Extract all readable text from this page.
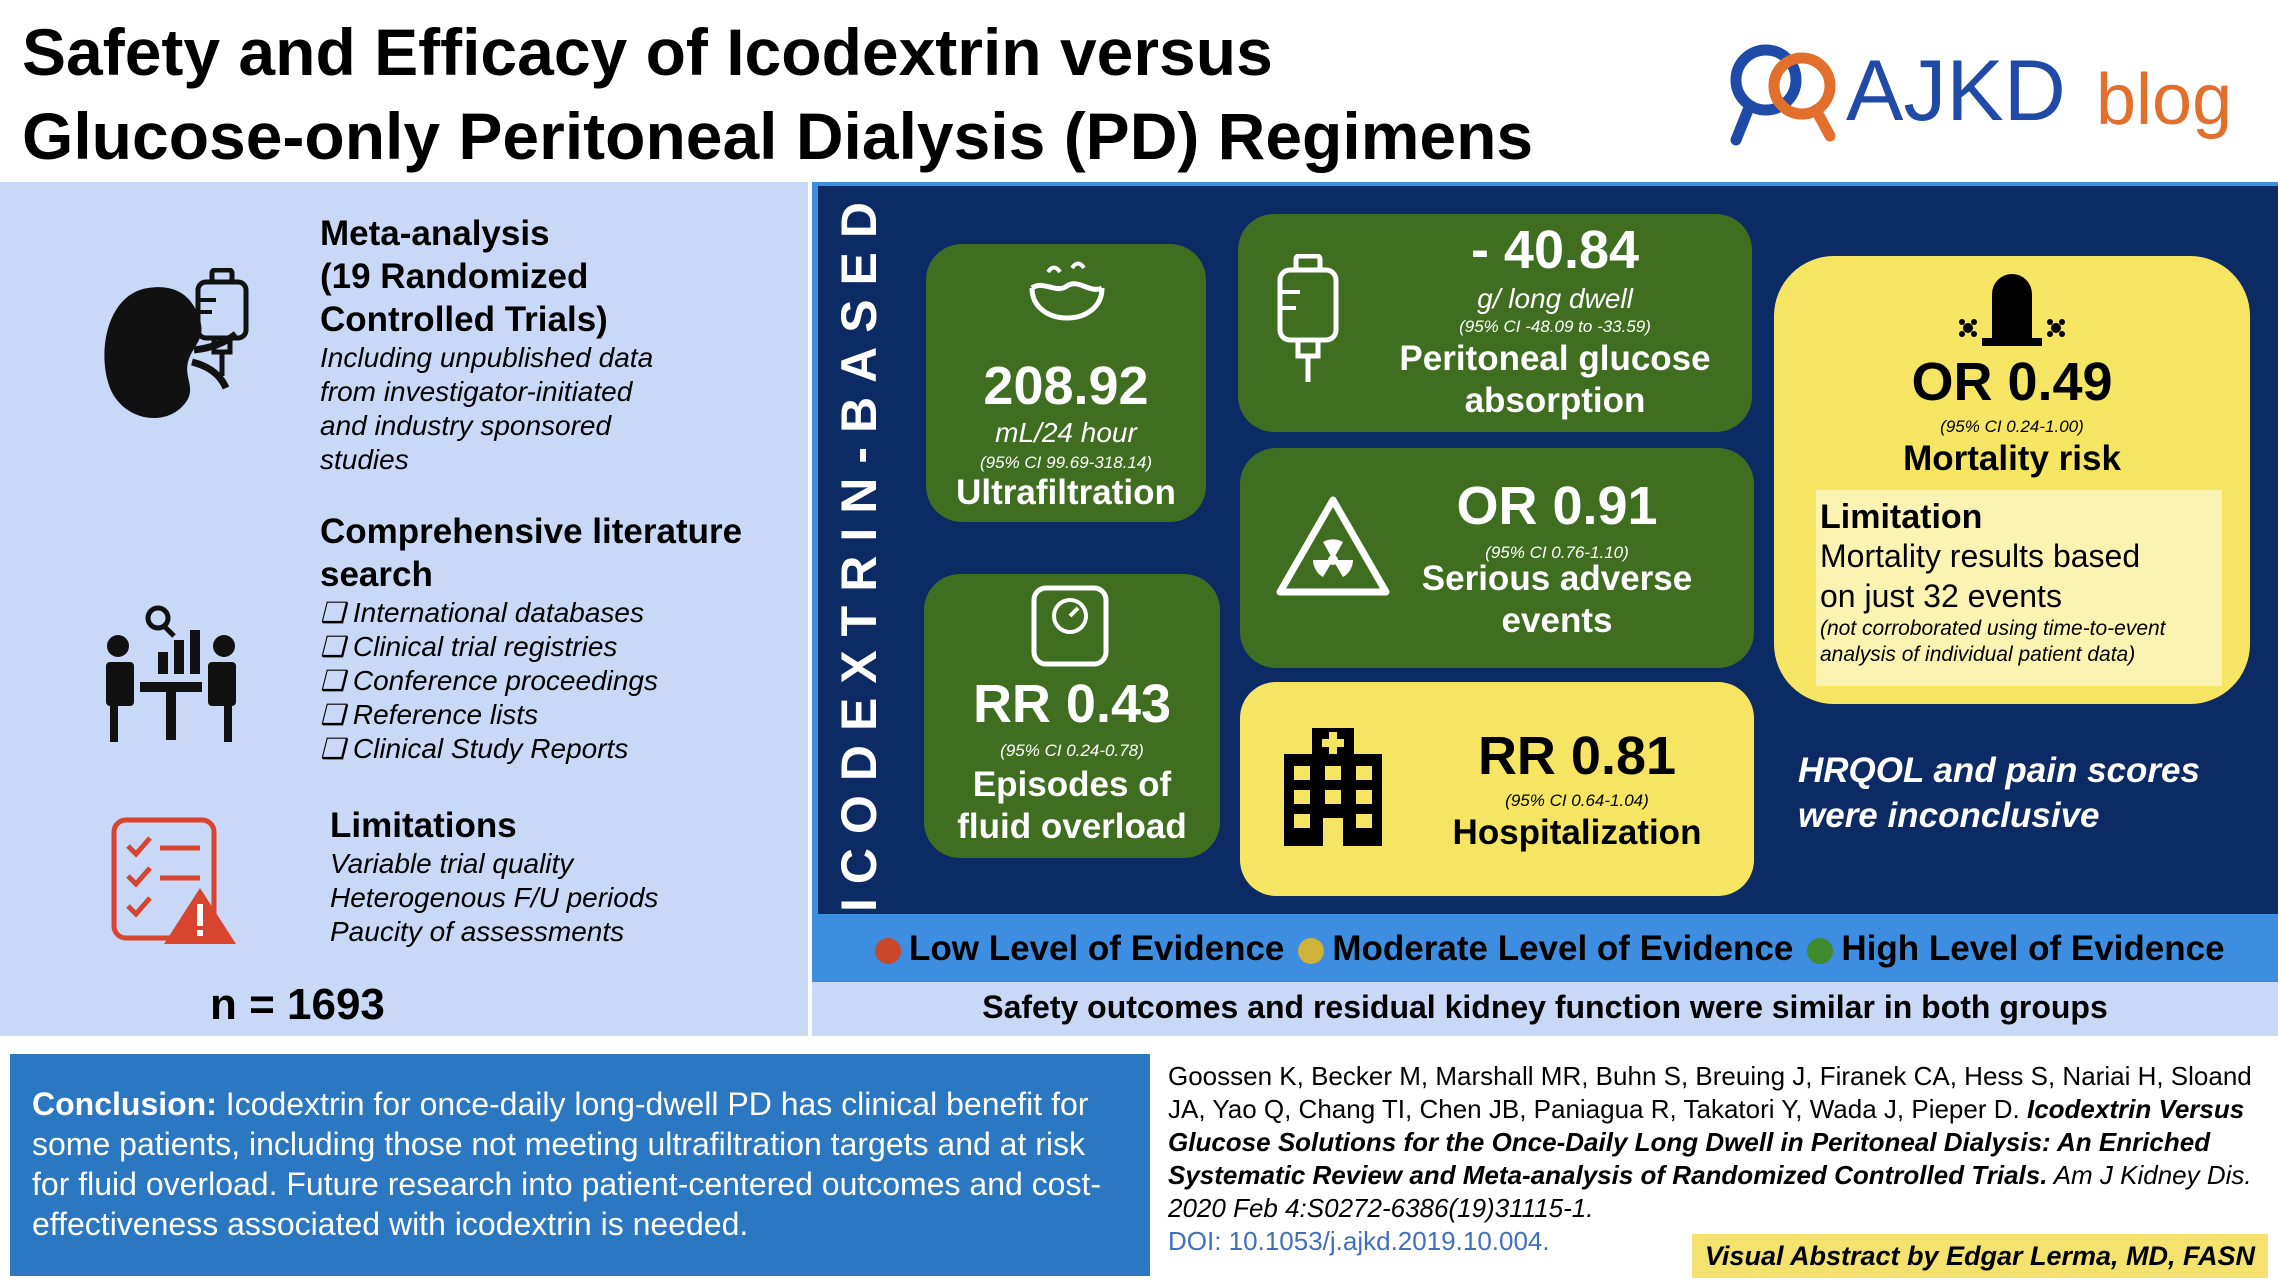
Safety and Efficacy of Icodextrin versus
Glucose-only Peritoneal Dialysis (PD) Regimens	AJKD blog
Meta-analysis
(19 Randomized
Controlled Trials)
Including unpublished data
from investigator-initiated
and industry sponsored
studies
Comprehensive literature
search
❑ International databases
❑ Clinical trial registries
❑ Conference proceedings
❑ Reference lists
❑ Clinical Study Reports
Limitations
Variable trial quality
Heterogenous F/U periods
Paucity of assessments
n = 1693
ICODEXTRIN-BASED	208.92
mL/24 hour
(95% CI 99.69-318.14)
Ultrafiltration
RR 0.43
(95% CI 0.24-0.78)
Episodes of
fluid overload
- 40.84
g/ long dwell
(95% CI -48.09 to -33.59)
Peritoneal glucose
absorption
OR 0.91
(95% CI 0.76-1.10)
Serious adverse
events
RR 0.81
(95% CI 0.64-1.04)
Hospitalization
OR 0.49
(95% CI 0.24-1.00)
Mortality risk
Limitation
Mortality results based
on just 32 events
(not corroborated using time-to-event
analysis of individual patient data)
HRQOL and pain scores
were inconclusive
Low Level of Evidence	Moderate Level of Evidence	High Level of Evidence
Safety outcomes and residual kidney function were similar in both groups
Conclusion: Icodextrin for once-daily long-dwell PD has clinical benefit for some patients, including those not meeting ultrafiltration targets and at risk for fluid overload. Future research into patient-centered outcomes and cost-effectiveness associated with icodextrin is needed.
Goossen K, Becker M, Marshall MR, Buhn S, Breuing J, Firanek CA, Hess S, Nariai H, Sloand JA, Yao Q, Chang TI, Chen JB, Paniagua R, Takatori Y, Wada J, Pieper D. Icodextrin Versus Glucose Solutions for the Once-Daily Long Dwell in Peritoneal Dialysis: An Enriched Systematic Review and Meta-analysis of Randomized Controlled Trials. Am J Kidney Dis. 2020 Feb 4:S0272-6386(19)31115-1.
DOI: 10.1053/j.ajkd.2019.10.004.	Visual Abstract by Edgar Lerma, MD, FASN
